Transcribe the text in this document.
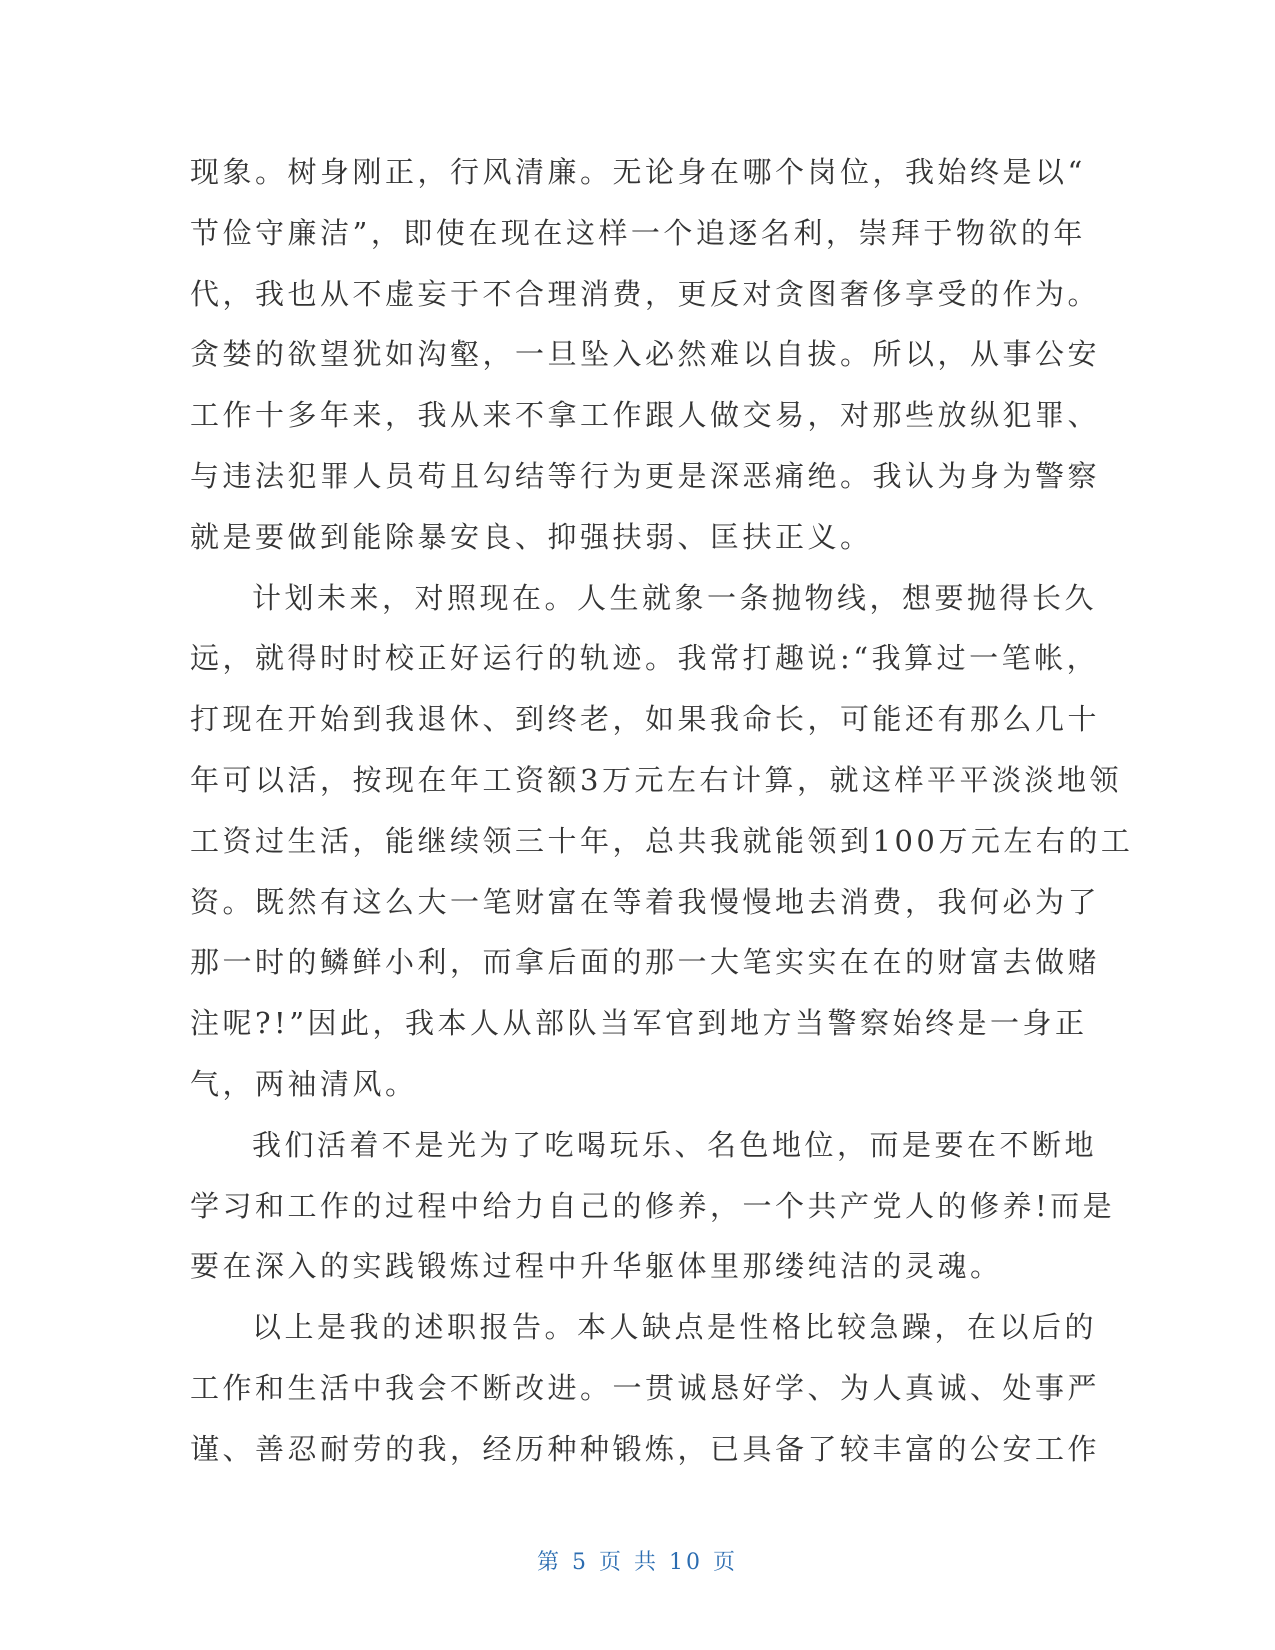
现象。树身刚正，行风清廉。无论身在哪个岗位，我始终是以“
节俭守廉洁”，即使在现在这样一个追逐名利，崇拜于物欲的年
代，我也从不虚妄于不合理消费，更反对贪图奢侈享受的作为。
贪婪的欲望犹如沟壑，一旦坠入必然难以自拔。所以，从事公安
工作十多年来，我从来不拿工作跟人做交易，对那些放纵犯罪、
与违法犯罪人员苟且勾结等行为更是深恶痛绝。我认为身为警察
就是要做到能除暴安良、抑强扶弱、匡扶正义。
计划未来，对照现在。人生就象一条抛物线，想要抛得长久
远，就得时时校正好运行的轨迹。我常打趣说:“我算过一笔帐，
打现在开始到我退休、到终老，如果我命长，可能还有那么几十
年可以活，按现在年工资额3万元左右计算，就这样平平淡淡地领
工资过生活，能继续领三十年，总共我就能领到100万元左右的工
资。既然有这么大一笔财富在等着我慢慢地去消费，我何必为了
那一时的鳞鲜小利，而拿后面的那一大笔实实在在的财富去做赌
注呢?!”因此，我本人从部队当军官到地方当警察始终是一身正
气，两袖清风。
我们活着不是光为了吃喝玩乐、名色地位，而是要在不断地
学习和工作的过程中给力自己的修养，一个共产党人的修养!而是
要在深入的实践锻炼过程中升华躯体里那缕纯洁的灵魂。
以上是我的述职报告。本人缺点是性格比较急躁，在以后的
工作和生活中我会不断改进。一贯诚恳好学、为人真诚、处事严
谨、善忍耐劳的我，经历种种锻炼，已具备了较丰富的公安工作
第 5 页 共 10 页
